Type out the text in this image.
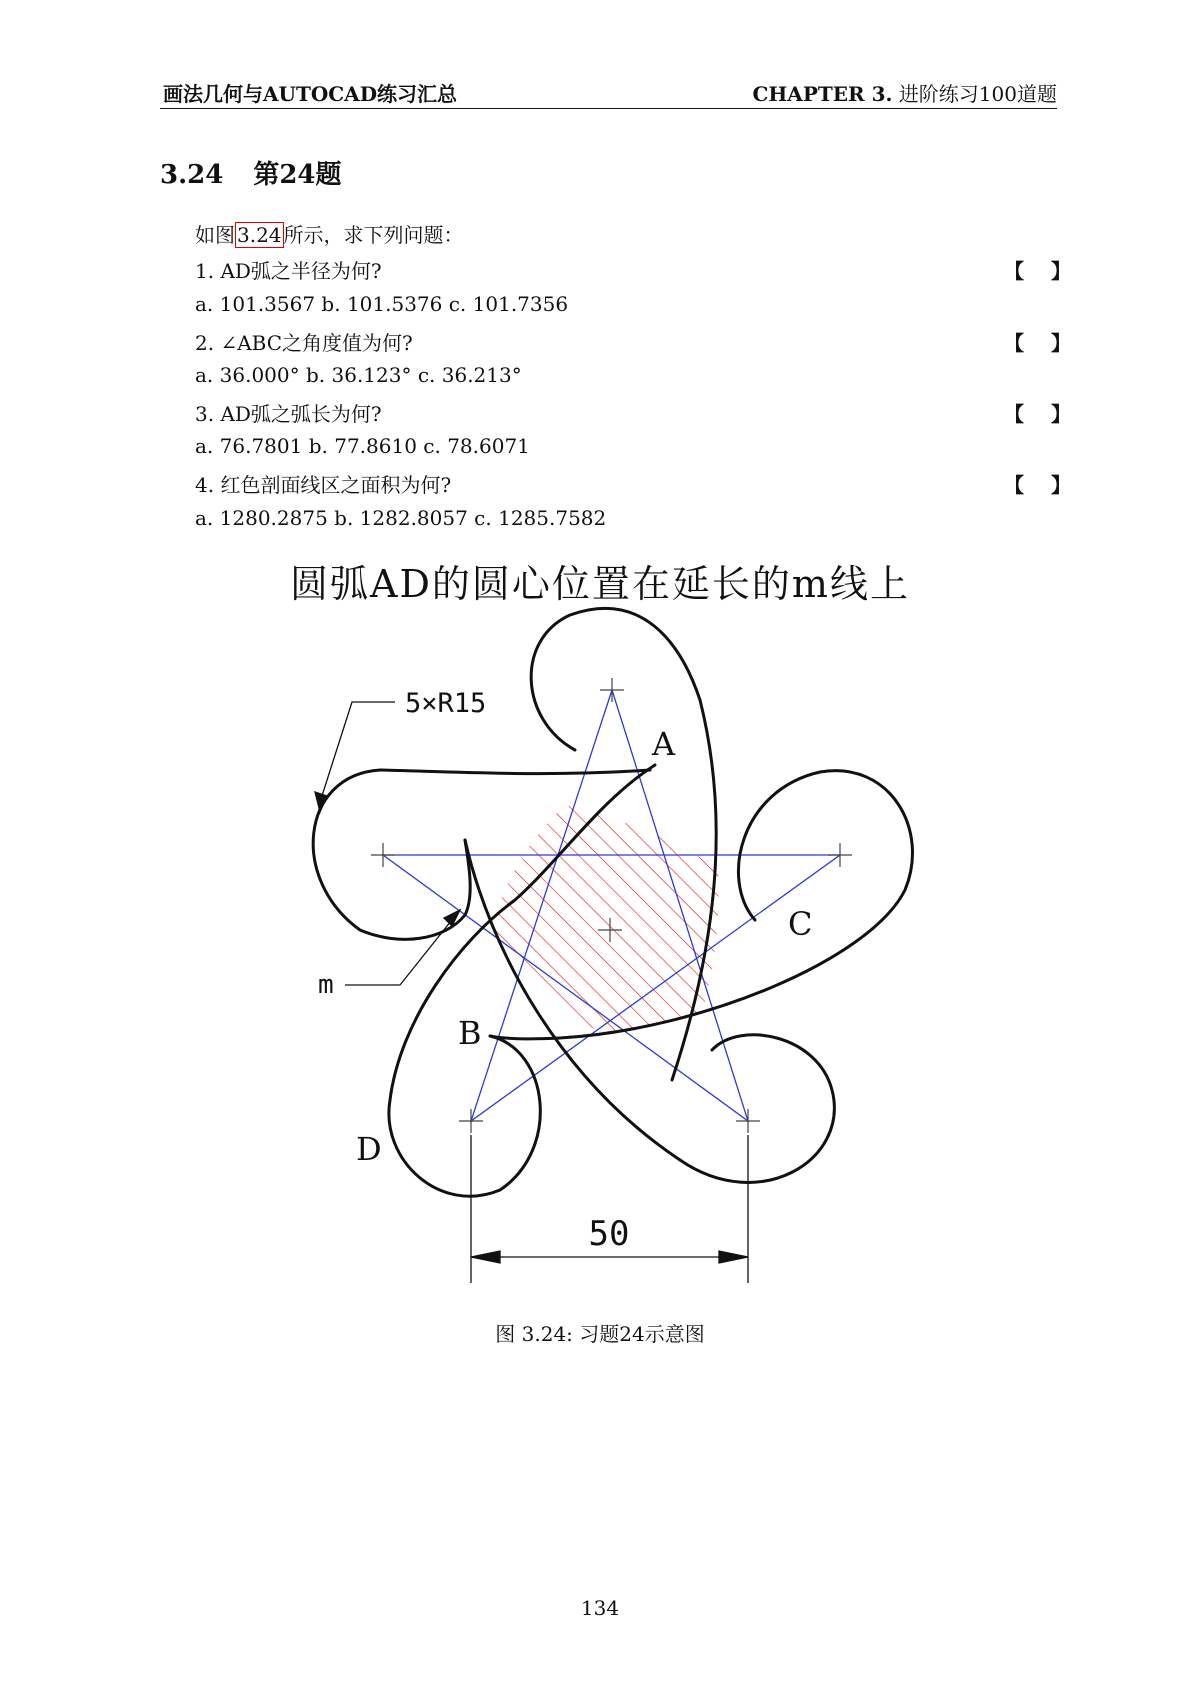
画法几何与AUTOCAD练习汇总	CHAPTER 3. 进阶练习100道题
3.24 第24题
如图 3.24 所示，求下列问题：
1. AD弧之半径为何?	【 】
a. 101.3567 b. 101.5376 c. 101.7356
2. ∠ABC之角度值为何?	【 】
a. 36.000° b. 36.123° c. 36.213°
3. AD弧之弧长为何?	【 】
a. 76.7801 b. 77.8610 c. 78.6071
4. 红色剖面线区之面积为何?	【 】
a. 1280.2875 b. 1282.8057 c. 1285.7582
圆弧AD的圆心位置在延长的m线上
5×R15
m
A
B
C
D
50
图 3.24: 习题24示意图
134
